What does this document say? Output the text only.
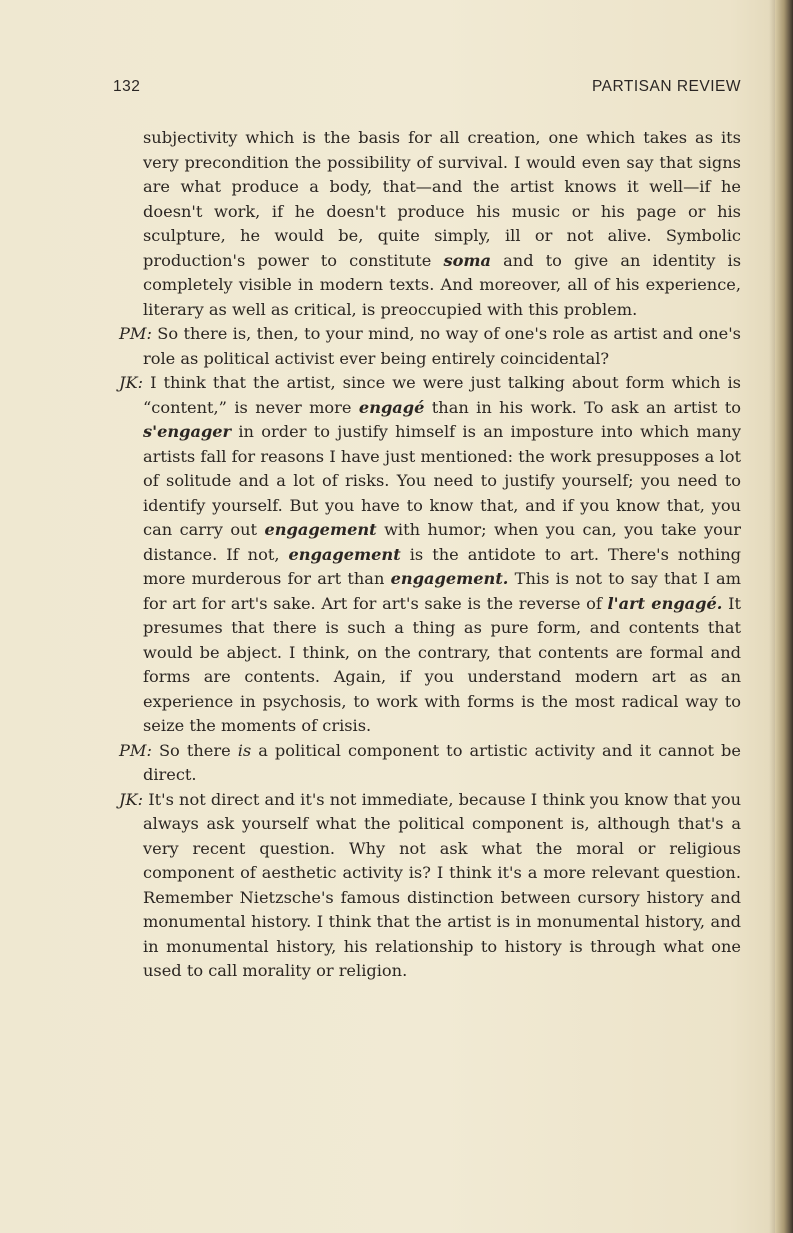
132	PARTISAN REVIEW

subjectivity which is the basis for all creation, one which takes as its very precondition the possibility of survival. I would even say that signs are what produce a body, that—and the artist knows it well—if he doesn't work, if he doesn't produce his music or his page or his sculpture, he would be, quite simply, ill or not alive. Symbolic production's power to constitute soma and to give an identity is completely visible in modern texts. And moreover, all of his experience, literary as well as critical, is preoccupied with this problem.

PM: So there is, then, to your mind, no way of one's role as artist and one's role as political activist ever being entirely coincidental?

JK: I think that the artist, since we were just talking about form which is “content,” is never more engagé than in his work. To ask an artist to s'engager in order to justify himself is an imposture into which many artists fall for reasons I have just mentioned: the work presupposes a lot of solitude and a lot of risks. You need to justify yourself; you need to identify yourself. But you have to know that, and if you know that, you can carry out engagement with humor; when you can, you take your distance. If not, engagement is the antidote to art. There's nothing more murderous for art than engagement. This is not to say that I am for art for art's sake. Art for art's sake is the reverse of l'art engagé. It presumes that there is such a thing as pure form, and contents that would be abject. I think, on the contrary, that contents are formal and forms are contents. Again, if you understand modern art as an experience in psychosis, to work with forms is the most radical way to seize the moments of crisis.

PM: So there is a political component to artistic activity and it cannot be direct.

JK: It's not direct and it's not immediate, because I think you know that you always ask yourself what the political component is, although that's a very recent question. Why not ask what the moral or religious component of aesthetic activity is? I think it's a more relevant question. Remember Nietzsche's famous distinction between cursory history and monumental history. I think that the artist is in monumental history, and in monumental history, his relationship to history is through what one used to call morality or religion.
